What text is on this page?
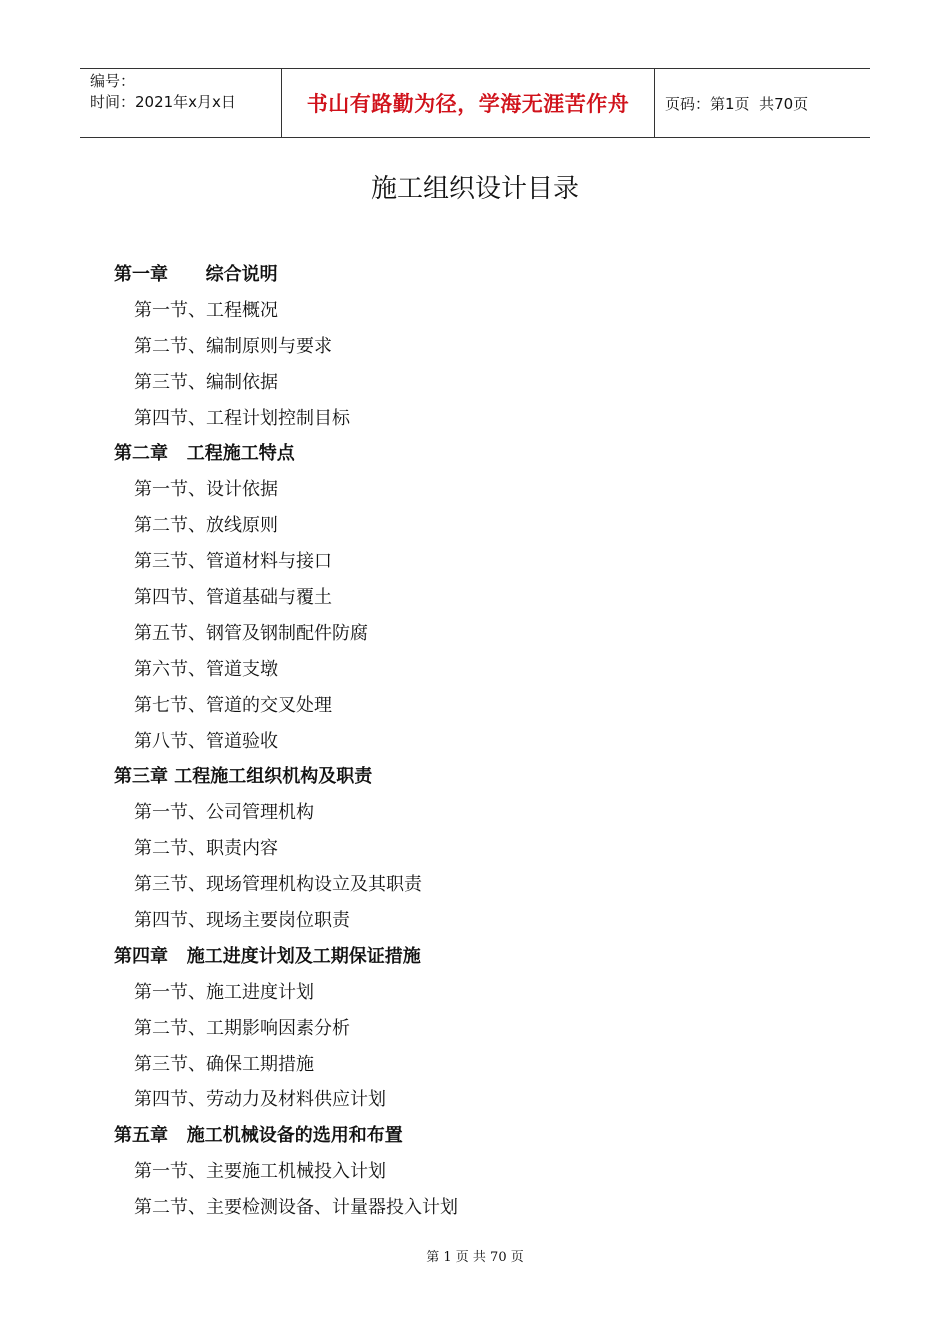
编号：
时间：2021年x月x日	书山有路勤为径，学海无涯苦作舟 页码：第1页  共70页
施工组织设计目录
第一章      综合说明
第一节、工程概况
第二节、编制原则与要求
第三节、编制依据
第四节、工程计划控制目标
第二章   工程施工特点
第一节、设计依据
第二节、放线原则
第三节、管道材料与接口
第四节、管道基础与覆土
第五节、钢管及钢制配件防腐
第六节、管道支墩
第七节、管道的交叉处理
第八节、管道验收
第三章 工程施工组织机构及职责
第一节、公司管理机构
第二节、职责内容
第三节、现场管理机构设立及其职责
第四节、现场主要岗位职责
第四章   施工进度计划及工期保证措施
第一节、施工进度计划
第二节、工期影响因素分析
第三节、确保工期措施
第四节、劳动力及材料供应计划
第五章   施工机械设备的选用和布置
第一节、主要施工机械投入计划
第二节、主要检测设备、计量器投入计划
第 1 页 共 70 页
